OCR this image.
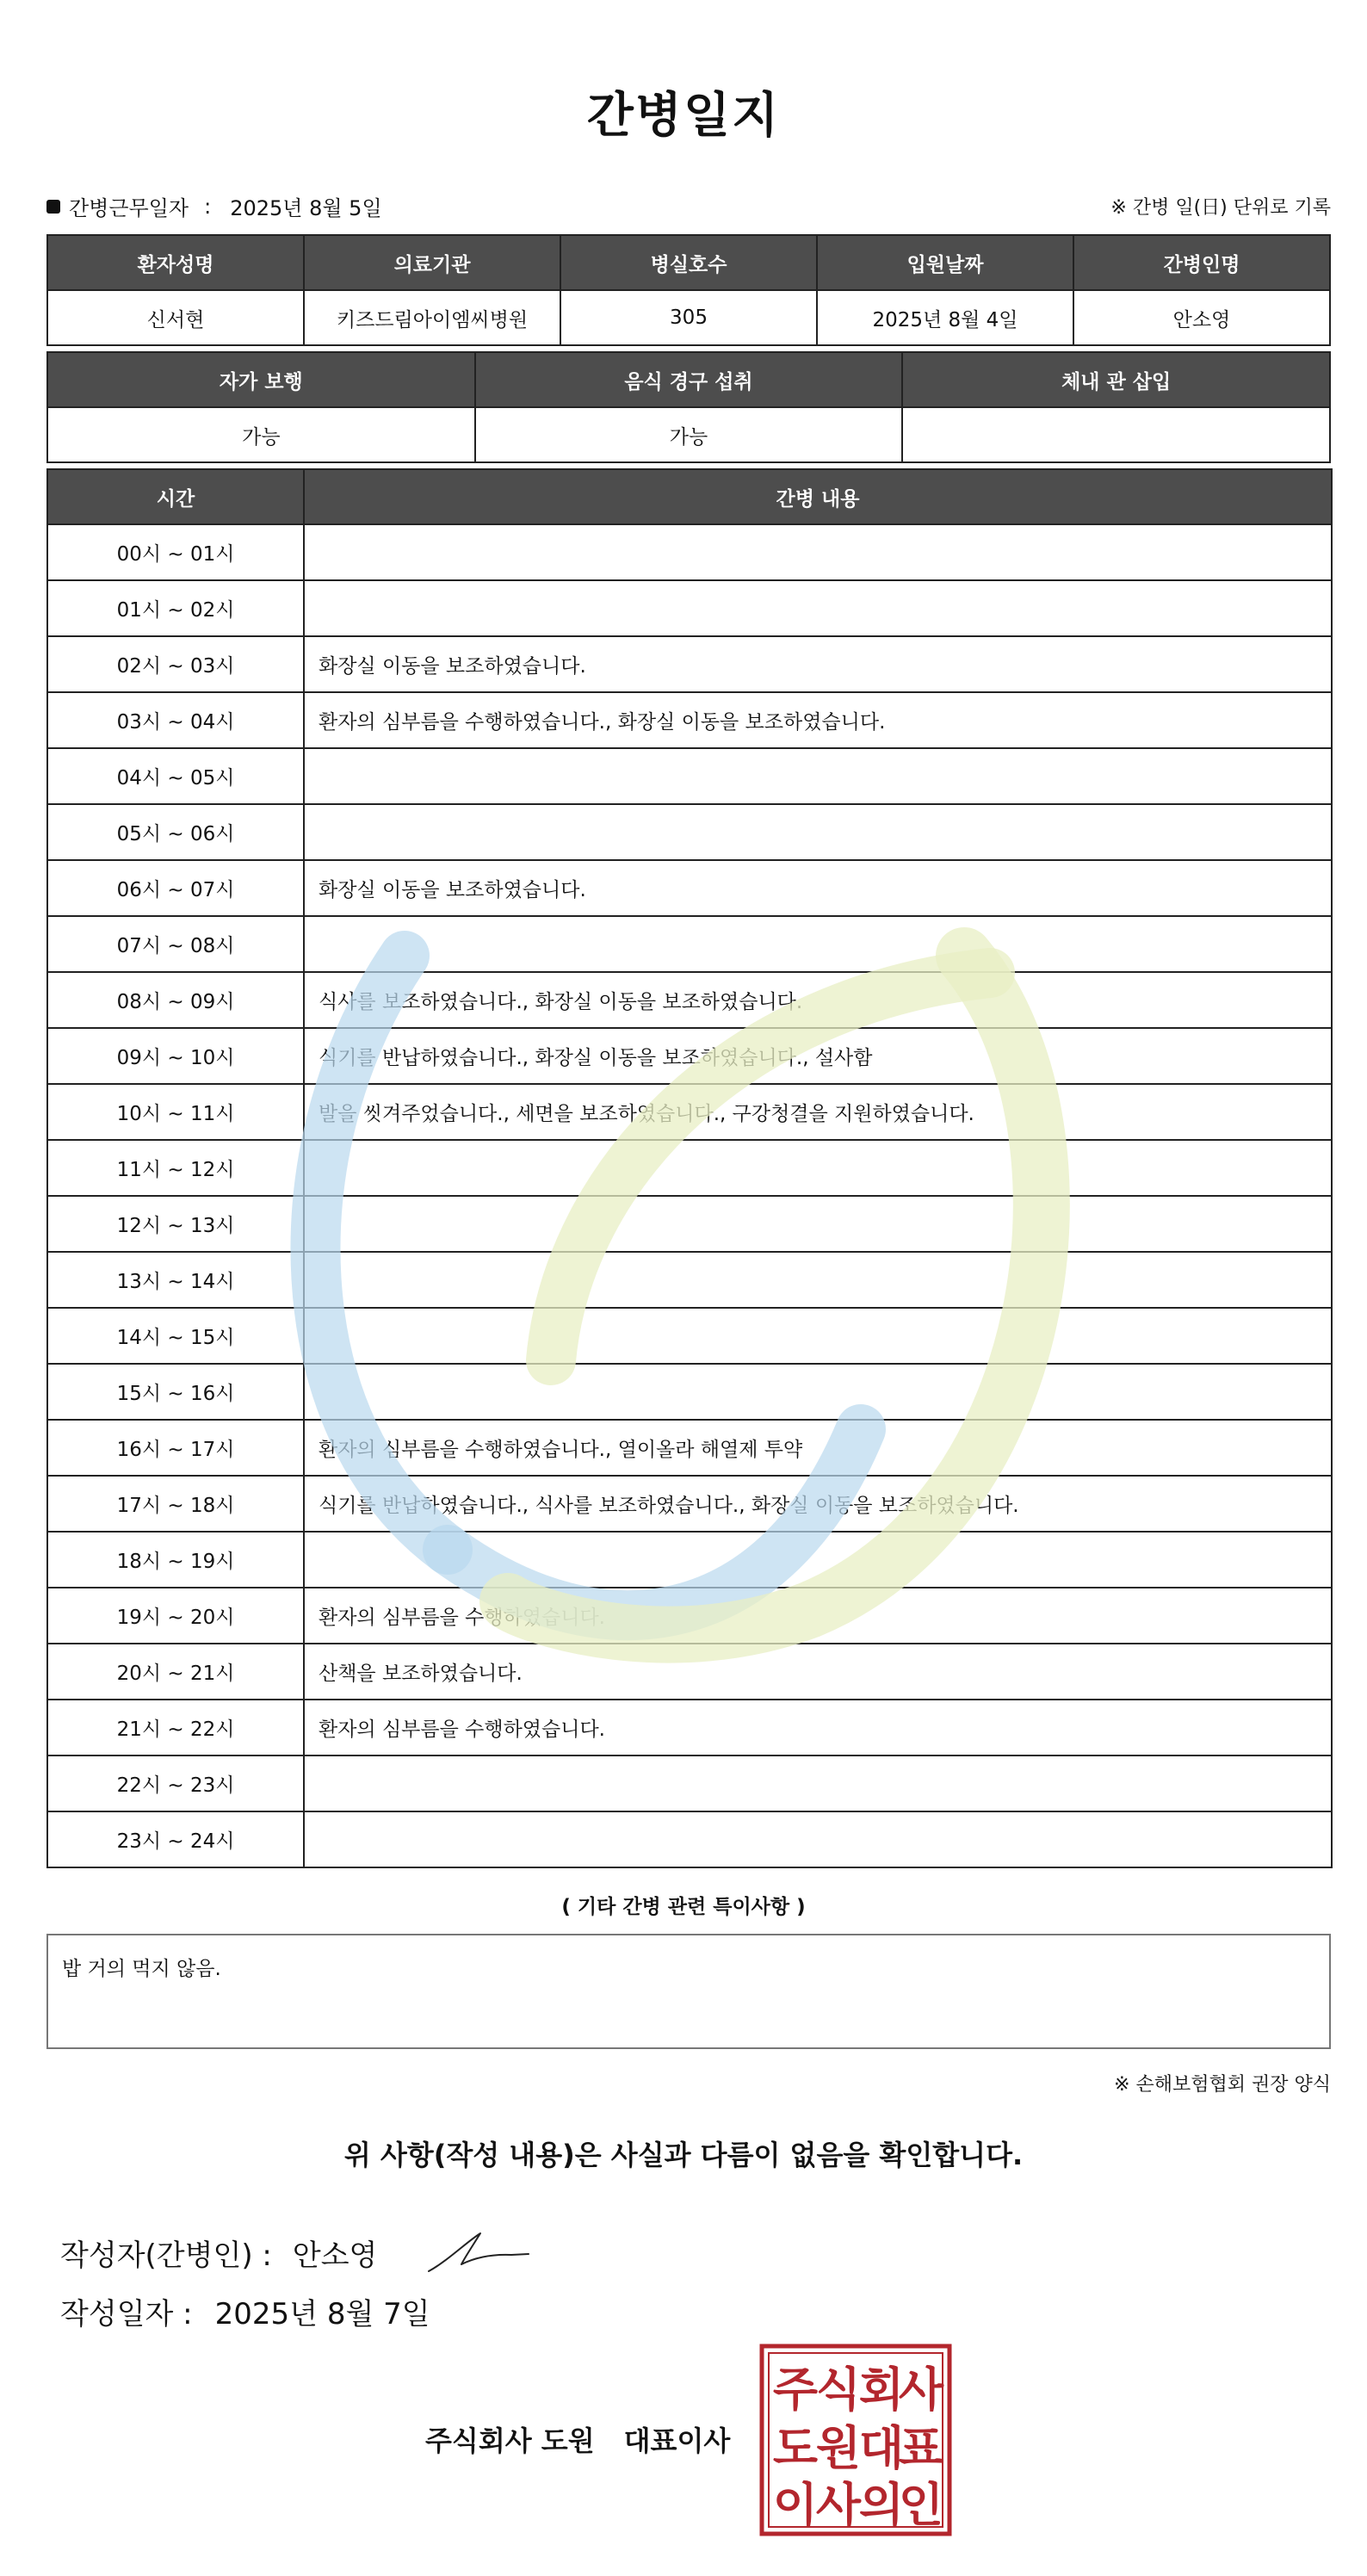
간병일지
간병근무일자 : 2025년 8월 5일	※ 간병 일(日) 단위로 기록
환자성명	의료기관	병실호수	입원날짜	간병인명
신서현	키즈드림아이엠씨병원	305	2025년 8월 4일	안소영
자가 보행	음식 경구 섭취	체내 관 삽입
가능	가능	
시간	간병 내용
00시 ~ 01시	
01시 ~ 02시	
02시 ~ 03시	화장실 이동을 보조하였습니다.
03시 ~ 04시	환자의 심부름을 수행하였습니다., 화장실 이동을 보조하였습니다.
04시 ~ 05시	
05시 ~ 06시	
06시 ~ 07시	화장실 이동을 보조하였습니다.
07시 ~ 08시	
08시 ~ 09시	식사를 보조하였습니다., 화장실 이동을 보조하였습니다.
09시 ~ 10시	식기를 반납하였습니다., 화장실 이동을 보조하였습니다., 설사함
10시 ~ 11시	발을 씻겨주었습니다., 세면을 보조하였습니다., 구강청결을 지원하였습니다.
11시 ~ 12시	
12시 ~ 13시	
13시 ~ 14시	
14시 ~ 15시	
15시 ~ 16시	
16시 ~ 17시	환자의 심부름을 수행하였습니다., 열이올라 해열제 투약
17시 ~ 18시	식기를 반납하였습니다., 식사를 보조하였습니다., 화장실 이동을 보조하였습니다.
18시 ~ 19시	
19시 ~ 20시	환자의 심부름을 수행하였습니다.
20시 ~ 21시	산책을 보조하였습니다.
21시 ~ 22시	환자의 심부름을 수행하였습니다.
22시 ~ 23시	
23시 ~ 24시	
( 기타 간병 관련 특이사항 )
밥 거의 먹지 않음.
※ 손해보험협회 권장 양식
위 사항(작성 내용)은 사실과 다름이 없음을 확인합니다.
작성자(간병인) : 안소영
작성일자 : 2025년 8월 7일
주식회사 도원 대표이사
주
식
회
사
도
원
대
표
이
사
의
인
